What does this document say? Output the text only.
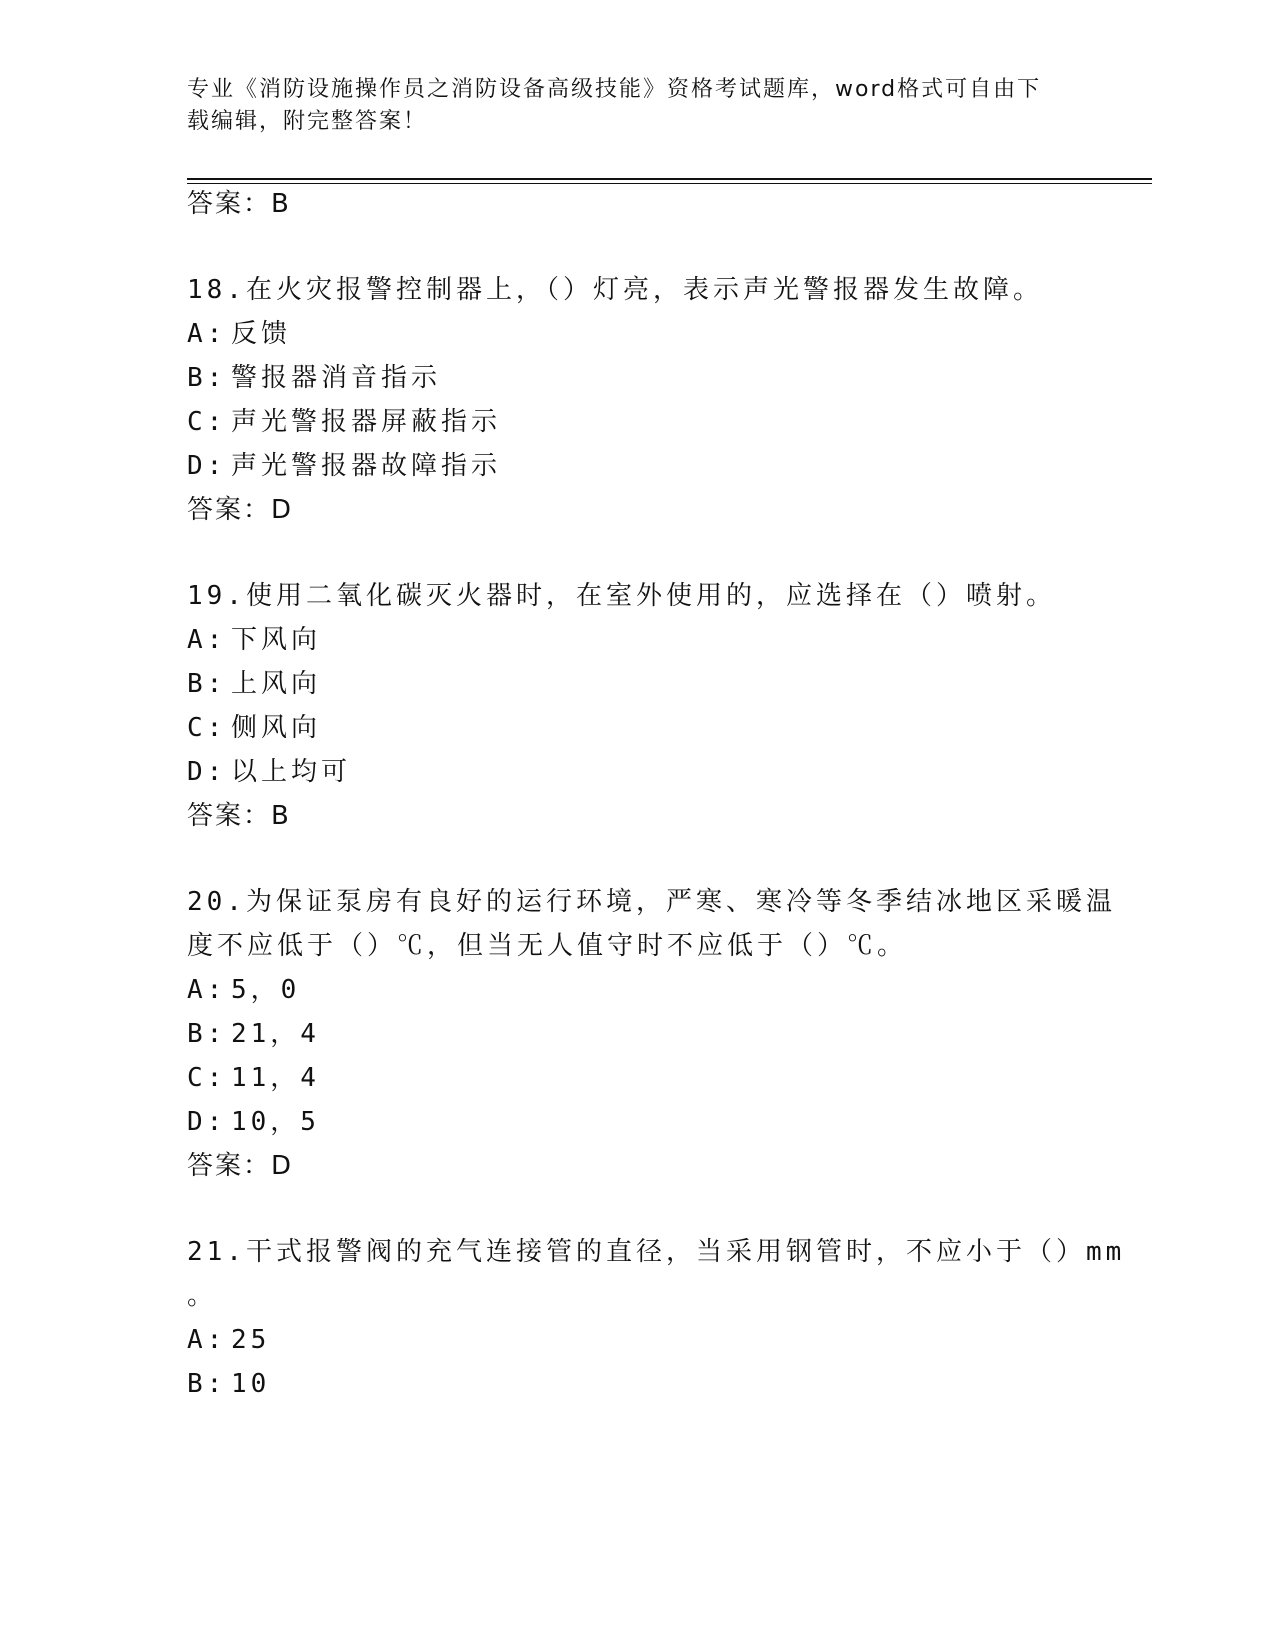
专业《消防设施操作员之消防设备高级技能》资格考试题库，word格式可自由下
载编辑，附完整答案！
答案：B
18.在火灾报警控制器上，（）灯亮，表示声光警报器发生故障。
A: 反馈
B: 警报器消音指示
C: 声光警报器屏蔽指示
D: 声光警报器故障指示
答案：D
19.使用二氧化碳灭火器时，在室外使用的，应选择在（）喷射。
A: 下风向
B: 上风向
C: 侧风向
D: 以上均可
答案：B
20.为保证泵房有良好的运行环境，严寒、寒冷等冬季结冰地区采暖温
度不应低于（）℃，但当无人值守时不应低于（）℃。
A: 5，0
B: 21，4
C: 11，4
D: 10，5
答案：D
21.干式报警阀的充气连接管的直径，当采用钢管时，不应小于（）mm
。
A: 25
B: 10
